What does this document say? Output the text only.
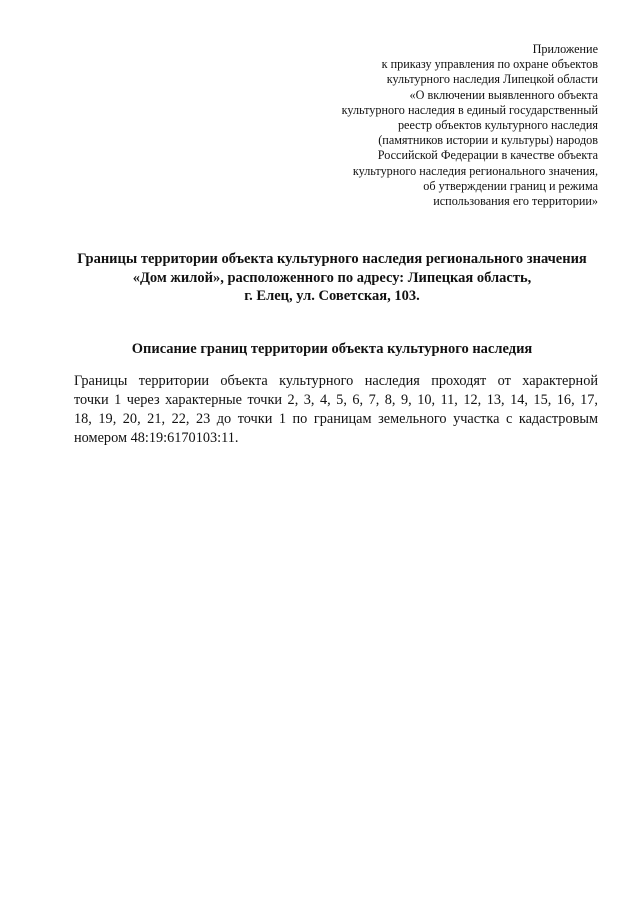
Приложение
к приказу управления по охране объектов
культурного наследия Липецкой области
«О включении выявленного объекта
культурного наследия в единый государственный
реестр объектов культурного наследия
(памятников истории и культуры) народов
Российской Федерации в качестве объекта
культурного наследия регионального значения,
об утверждении границ и режима
использования его территории»
Границы территории объекта культурного наследия регионального значения
«Дом жилой», расположенного по адресу: Липецкая область,
г. Елец, ул. Советская, 103.
Описание границ территории объекта культурного наследия
Границы территории объекта культурного наследия проходят от характерной
точки 1 через характерные точки 2, 3, 4, 5, 6, 7, 8, 9, 10, 11, 12, 13, 14, 15, 16, 17,
18, 19, 20, 21, 22, 23 до точки 1 по границам земельного участка с кадастровым
номером 48:19:6170103:11.
